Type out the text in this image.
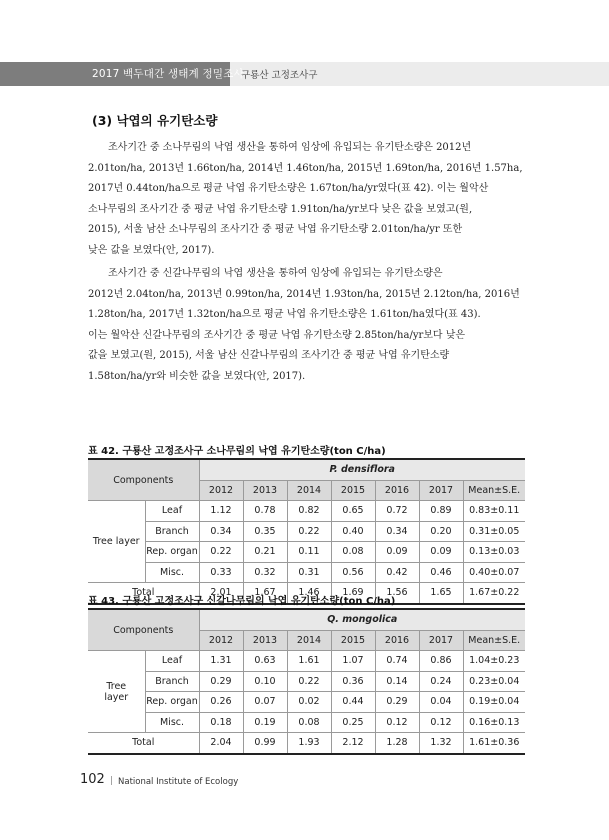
2017 백두대간 생태계 정밀조사
구룡산 고정조사구
(3) 낙엽의 유기탄소량
조사기간 중 소나무림의 낙엽 생산을 통하여 임상에 유입되는 유기탄소량은 2012년
2.01ton/ha, 2013년 1.66ton/ha, 2014년 1.46ton/ha, 2015년 1.69ton/ha, 2016년 1.57ha,
2017년 0.44ton/ha으로 평균 낙엽 유기탄소량은 1.67ton/ha/yr였다(표 42). 이는 월악산
소나무림의 조사기간 중 평균 낙엽 유기탄소량 1.91ton/ha/yr보다 낮은 값을 보였고(원,
2015), 서울 남산 소나무림의 조사기간 중 평균 낙엽 유기탄소량 2.01ton/ha/yr 또한
낮은 값을 보였다(안, 2017).
조사기간 중 신갈나무림의 낙엽 생산을 통하여 임상에 유입되는 유기탄소량은
2012년 2.04ton/ha, 2013년 0.99ton/ha, 2014년 1.93ton/ha, 2015년 2.12ton/ha, 2016년
1.28ton/ha, 2017년 1.32ton/ha으로 평균 낙엽 유기탄소량은 1.61ton/ha였다(표 43).
이는 월악산 신갈나무림의 조사기간 중 평균 낙엽 유기탄소량 2.85ton/ha/yr보다 낮은
값을 보였고(원, 2015), 서울 남산 신갈나무림의 조사기간 중 평균 낙엽 유기탄소량
1.58ton/ha/yr와 비슷한 값을 보였다(안, 2017).
표 42. 구룡산 고정조사구 소나무림의 낙엽 유기탄소량(ton C/ha)
Components		P. densiflora						
		2012	2013	2014	2015	2016	2017	Mean±S.E.
Tree layer	Leaf	1.12	0.78	0.82	0.65	0.72	0.89	0.83±0.11
	Branch	0.34	0.35	0.22	0.40	0.34	0.20	0.31±0.05
	Rep. organ	0.22	0.21	0.11	0.08	0.09	0.09	0.13±0.03
	Misc.	0.33	0.32	0.31	0.56	0.42	0.46	0.40±0.07
Total		2.01	1.67	1.46	1.69	1.56	1.65	1.67±0.22
표 43. 구룡산 고정조사구 신갈나무림의 낙엽 유기탄소량(ton C/ha)
Components		Q. mongolica						
		2012	2013	2014	2015	2016	2017	Mean±S.E.

Tree
layer	Leaf	1.31	0.63	1.61	1.07	0.74	0.86	1.04±0.23
	Branch	0.29	0.10	0.22	0.36	0.14	0.24	0.23±0.04
	Rep. organ	0.26	0.07	0.02	0.44	0.29	0.04	0.19±0.04
	Misc.	0.18	0.19	0.08	0.25	0.12	0.12	0.16±0.13
Total		2.04	0.99	1.93	2.12	1.28	1.32	1.61±0.36
102 | National Institute of Ecology
